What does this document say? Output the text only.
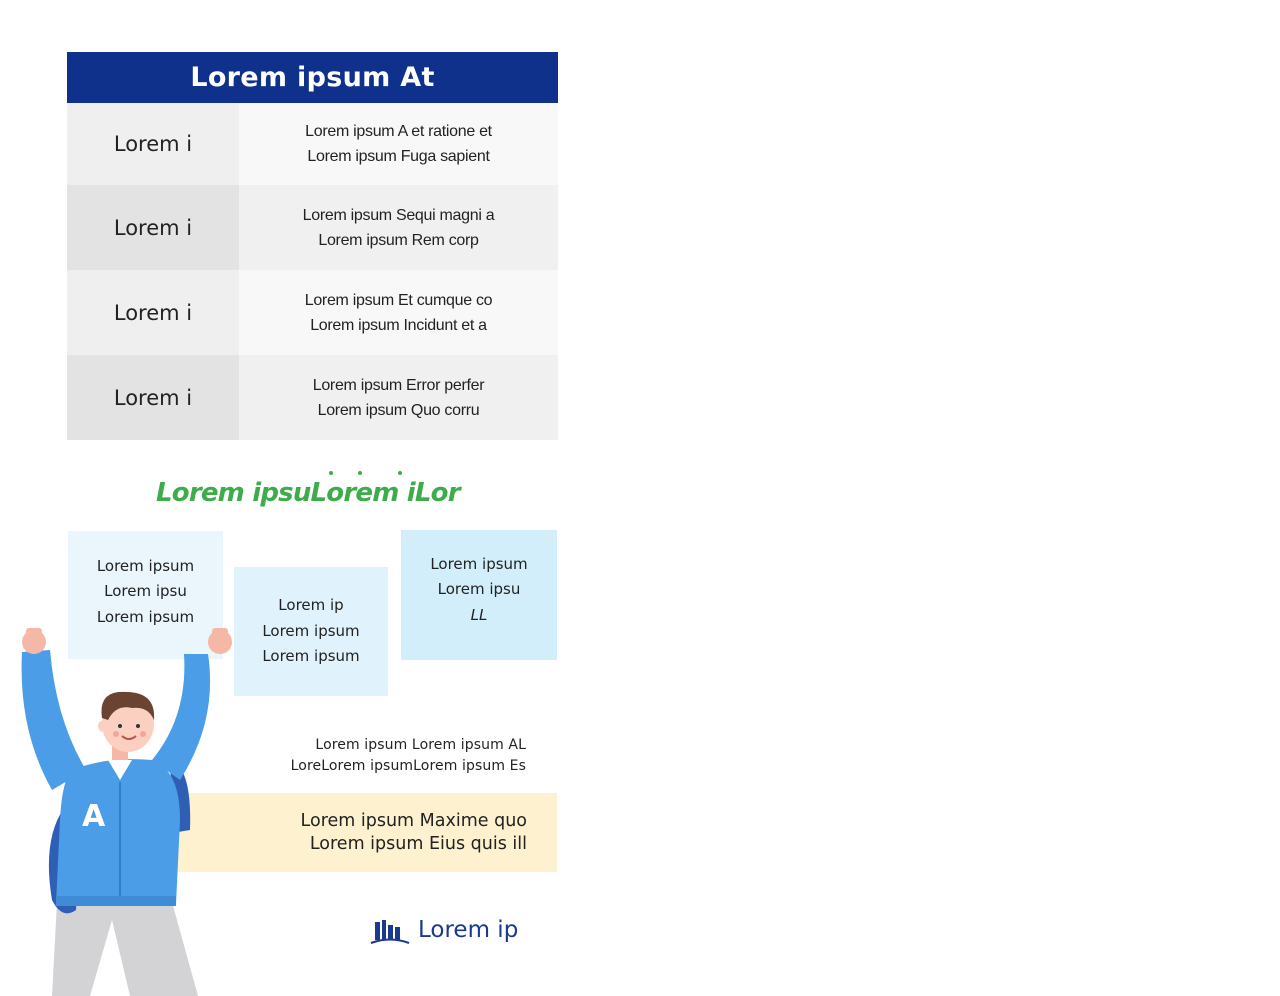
Lorem ipsum At
Lorem i
Lorem ipsum A et ratione et
Lorem ipsum Fuga sapient
Lorem i
Lorem ipsum Sequi magni a
Lorem ipsum Rem corp
Lorem i
Lorem ipsum Et cumque co
Lorem ipsum Incidunt et a
Lorem i
Lorem ipsum Error perfer
Lorem ipsum Quo corru
Lorem ipsuLorem iLor
Lorem ipsum
Lorem ipsu
Lorem ipsum
Lorem ip
Lorem ipsum
Lorem ipsum
Lorem ipsum
Lorem ipsu
LL
Lorem ipsum Lorem ipsum AL
LoreLorem ipsumLorem ipsum Es
Lorem ipsum Maxime quo
Lorem ipsum Eius quis ill
A
Lorem ip
